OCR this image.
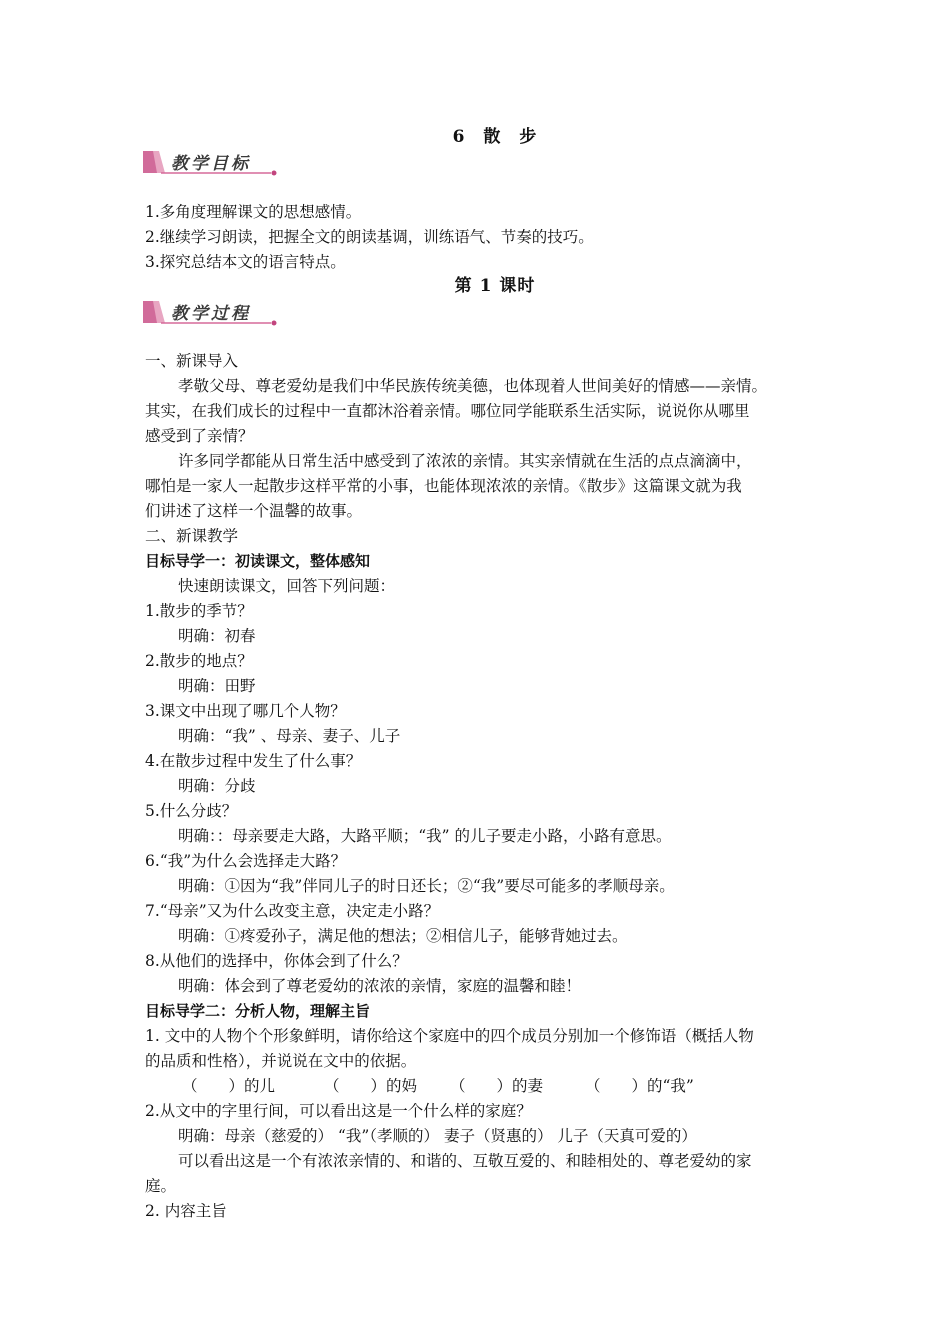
6　散　步
教学目标
1.多角度理解课文的思想感情。
2.继续学习朗读，把握全文的朗读基调，训练语气、节奏的技巧。
3.探究总结本文的语言特点。
第 1 课时
教学过程
一、新课导入
孝敬父母、尊老爱幼是我们中华民族传统美德，也体现着人世间美好的情感——亲情。
其实，在我们成长的过程中一直都沐浴着亲情。哪位同学能联系生活实际，说说你从哪里
感受到了亲情？
许多同学都能从日常生活中感受到了浓浓的亲情。其实亲情就在生活的点点滴滴中，
哪怕是一家人一起散步这样平常的小事，也能体现浓浓的亲情。《散步》这篇课文就为我
们讲述了这样一个温馨的故事。
二、新课教学
目标导学一：初读课文，整体感知
快速朗读课文，回答下列问题：
1.散步的季节？
明确：初春
2.散步的地点？
明确：田野
3.课文中出现了哪几个人物？
明确：“我” 、母亲、妻子、儿子
4.在散步过程中发生了什么事？
明确：分歧
5.什么分歧？
明确：：母亲要走大路，大路平顺；“我” 的儿子要走小路，小路有意思。
6.“我”为什么会选择走大路？
明确：①因为“我”伴同儿子的时日还长；②“我”要尽可能多的孝顺母亲。
7.“母亲”又为什么改变主意，决定走小路？
明确：①疼爱孙子，满足他的想法；②相信儿子，能够背她过去。
8.从他们的选择中，你体会到了什么？
明确：体会到了尊老爱幼的浓浓的亲情，家庭的温馨和睦！
目标导学二：分析人物，理解主旨
1. 文中的人物个个形象鲜明，请你给这个家庭中的四个成员分别加一个修饰语（概括人物
的品质和性格），并说说在文中的依据。
（　　）的儿	（　　）的妈 （　　）的妻	（　　）的“我”
2.从文中的字里行间，可以看出这是一个什么样的家庭？
明确：母亲（慈爱的） “我”（孝顺的） 妻子（贤惠的） 儿子（天真可爱的）
可以看出这是一个有浓浓亲情的、和谐的、互敬互爱的、和睦相处的、尊老爱幼的家
庭。
2. 内容主旨
